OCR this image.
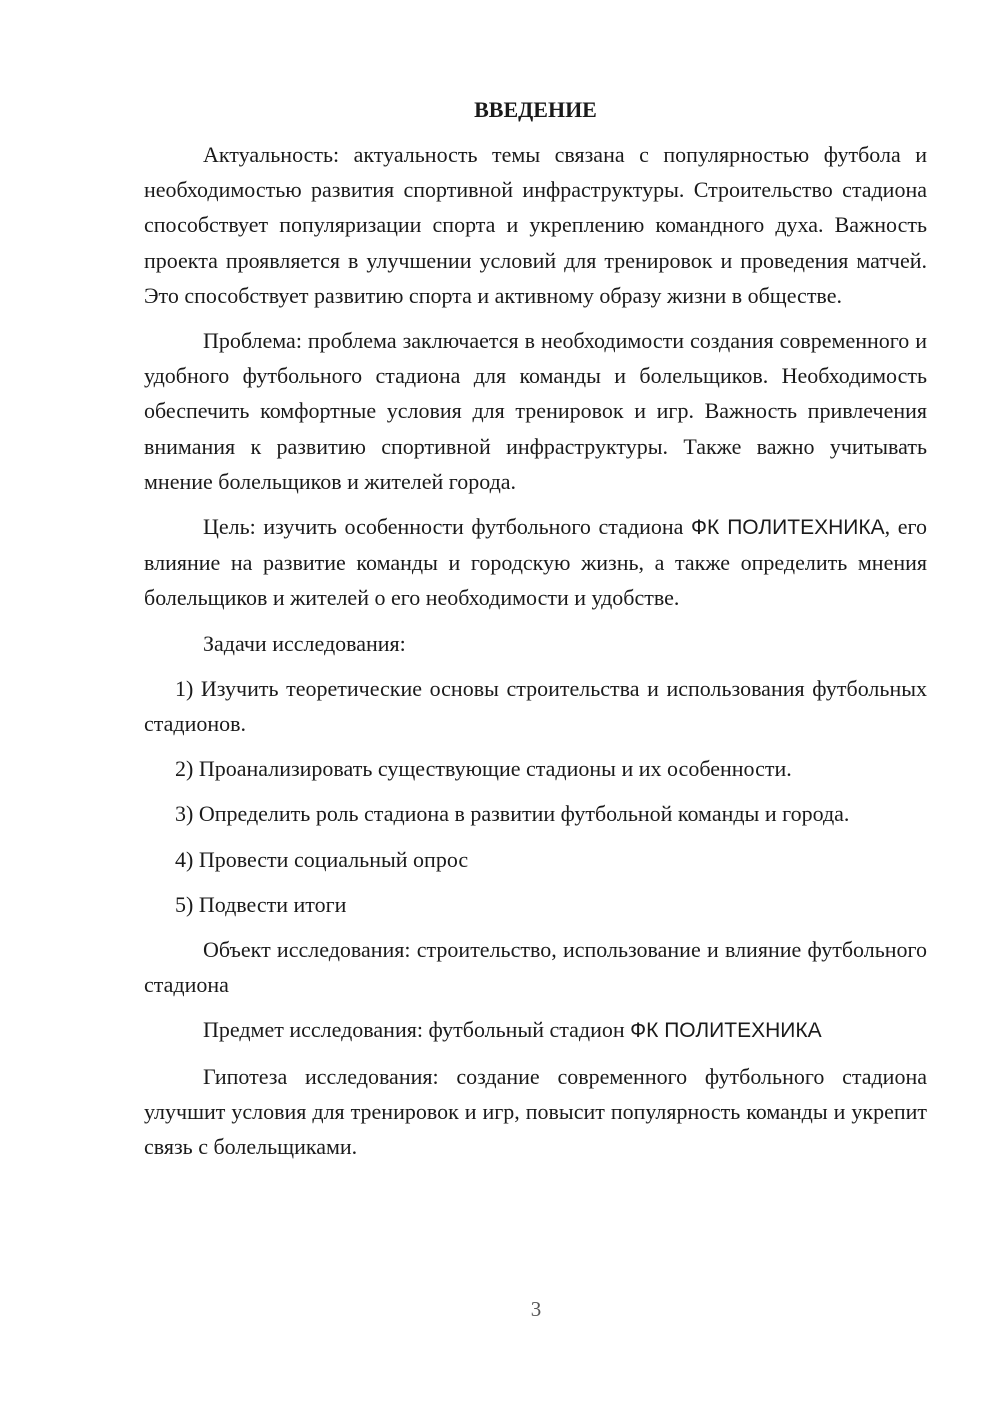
ВВЕДЕНИЕ

Актуальность: актуальность темы связана с популярностью футбола и необходимостью развития спортивной инфраструктуры. Строительство стадиона способствует популяризации спорта и укреплению командного духа. Важность проекта проявляется в улучшении условий для тренировок и проведения матчей. Это способствует развитию спорта и активному образу жизни в обществе.

Проблема: проблема заключается в необходимости создания современного и удобного футбольного стадиона для команды и болельщиков. Необходимость обеспечить комфортные условия для тренировок и игр. Важность привлечения внимания к развитию спортивной инфраструктуры. Также важно учитывать мнение болельщиков и жителей города.

Цель: изучить особенности футбольного стадиона ФК ПОЛИТЕХНИКА, его влияние на развитие команды и городскую жизнь, а также определить мнения болельщиков и жителей о его необходимости и удобстве.

Задачи исследования:

1) Изучить теоретические основы строительства и использования футбольных стадионов.

2) Проанализировать существующие стадионы и их особенности.

3) Определить роль стадиона в развитии футбольной команды и города.

4) Провести социальный опрос

5) Подвести итоги

Объект исследования: строительство, использование и влияние футбольного стадиона

Предмет исследования: футбольный стадион ФК ПОЛИТЕХНИКА

Гипотеза исследования: создание современного футбольного стадиона улучшит условия для тренировок и игр, повысит популярность команды и укрепит связь с болельщиками.

3
